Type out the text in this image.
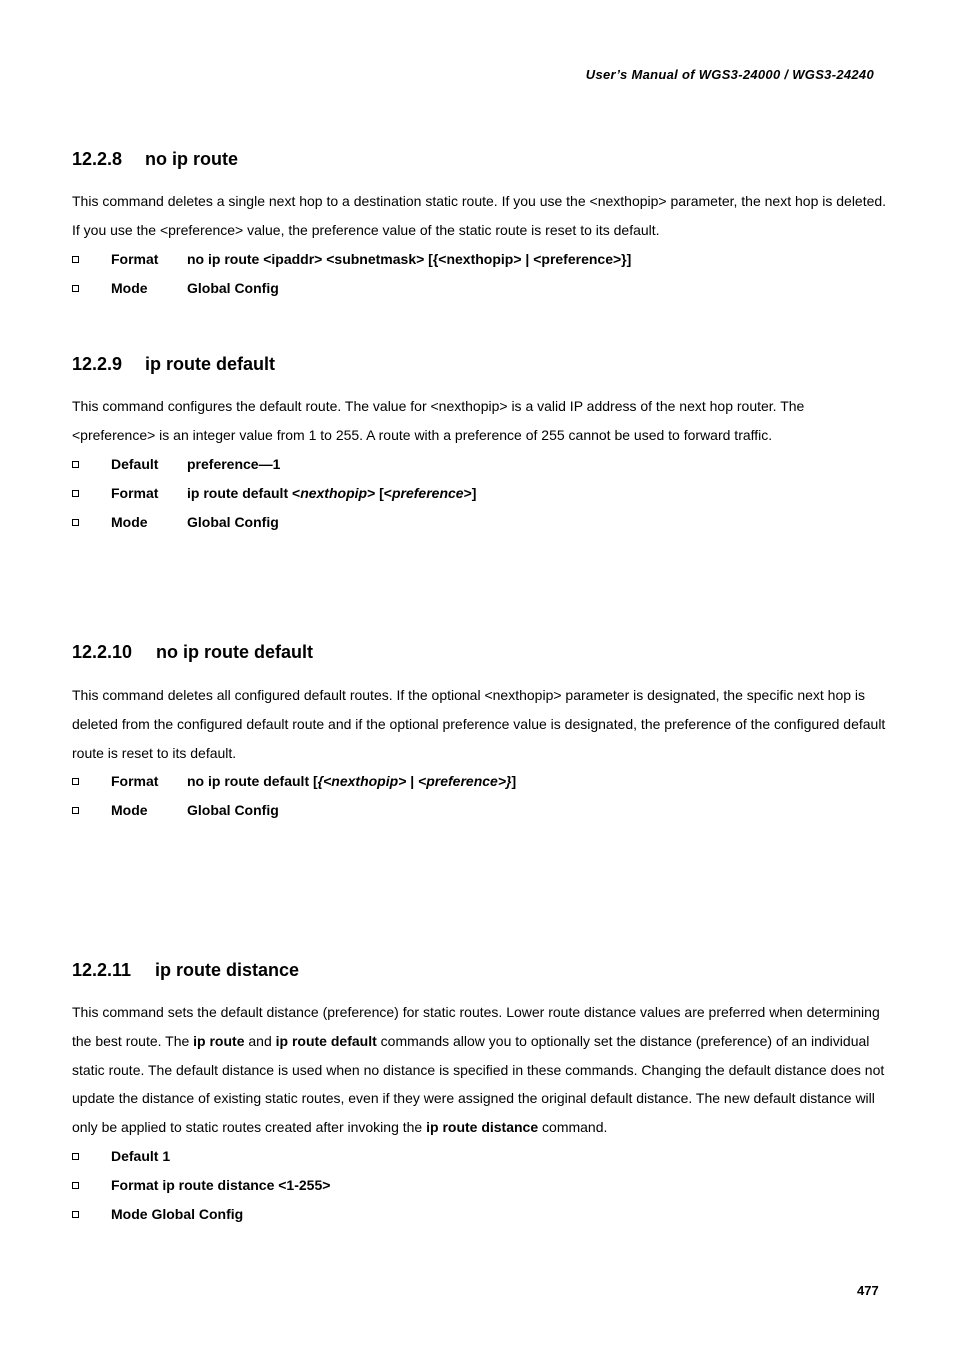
User’s Manual of WGS3-24000 / WGS3-24240
12.2.8 no ip route

This command deletes a single next hop to a destination static route. If you use the <nexthopip> parameter, the next hop is deleted. If you use the <preference> value, the preference value of the static route is reset to its default.

Format no ip route <ipaddr> <subnetmask> [{<nexthopip> | <preference>}]
Mode	Global Config
12.2.9 ip route default

This command configures the default route. The value for <nexthopip> is a valid IP address of the next hop router. The <preference> is an integer value from 1 to 255. A route with a preference of 255 cannot be used to forward traffic.

Default preference—1
Format ip route default <nexthopip> [<preference>]
Mode	Global Config
12.2.10 no ip route default

This command deletes all configured default routes. If the optional <nexthopip> parameter is designated, the specific next hop is deleted from the configured default route and if the optional preference value is designated, the preference of the configured default route is reset to its default.

Format no ip route default [{<nexthopip> | <preference>}]
Mode	Global Config
12.2.11 ip route distance

This command sets the default distance (preference) for static routes. Lower route distance values are preferred when determining the best route. The ip route and ip route default commands allow you to optionally set the distance (preference) of an individual static route. The default distance is used when no distance is specified in these commands. Changing the default distance does not update the distance of existing static routes, even if they were assigned the original default distance. The new default distance will only be applied to static routes created after invoking the ip route distance command.

Default 1
Format ip route distance <1-255>
Mode Global Config
477
